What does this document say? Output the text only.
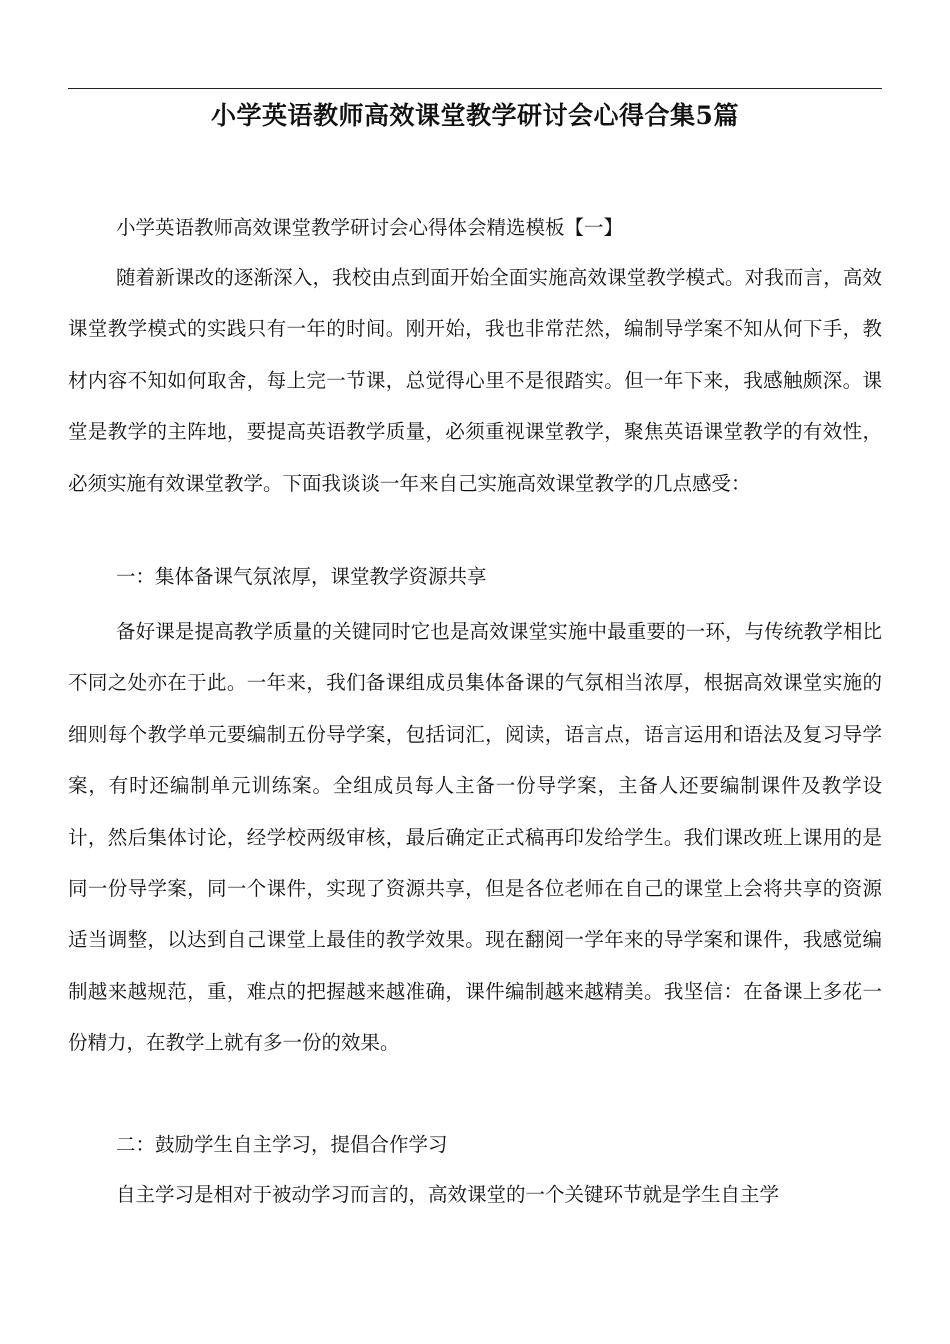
小学英语教师高效课堂教学研讨会心得合集5篇
小学英语教师高效课堂教学研讨会心得体会精选模板【一】

随着新课改的逐渐深入，我校由点到面开始全面实施高效课堂教学模式。对我而言，高效课堂教学模式的实践只有一年的时间。刚开始，我也非常茫然，编制导学案不知从何下手，教材内容不知如何取舍，每上完一节课，总觉得心里不是很踏实。但一年下来，我感触颇深。课堂是教学的主阵地，要提高英语教学质量，必须重视课堂教学，聚焦英语课堂教学的有效性，必须实施有效课堂教学。下面我谈谈一年来自己实施高效课堂教学的几点感受：

一：集体备课气氛浓厚，课堂教学资源共享

备好课是提高教学质量的关键同时它也是高效课堂实施中最重要的一环，与传统教学相比不同之处亦在于此。一年来，我们备课组成员集体备课的气氛相当浓厚，根据高效课堂实施的细则每个教学单元要编制五份导学案，包括词汇，阅读，语言点，语言运用和语法及复习导学案，有时还编制单元训练案。全组成员每人主备一份导学案，主备人还要编制课件及教学设计，然后集体讨论，经学校两级审核，最后确定正式稿再印发给学生。我们课改班上课用的是同一份导学案，同一个课件，实现了资源共享，但是各位老师在自己的课堂上会将共享的资源适当调整，以达到自己课堂上最佳的教学效果。现在翻阅一学年来的导学案和课件，我感觉编制越来越规范，重，难点的把握越来越准确，课件编制越来越精美。我坚信：在备课上多花一份精力，在教学上就有多一份的效果。

二：鼓励学生自主学习，提倡合作学习

自主学习是相对于被动学习而言的，高效课堂的一个关键环节就是学生自主学
